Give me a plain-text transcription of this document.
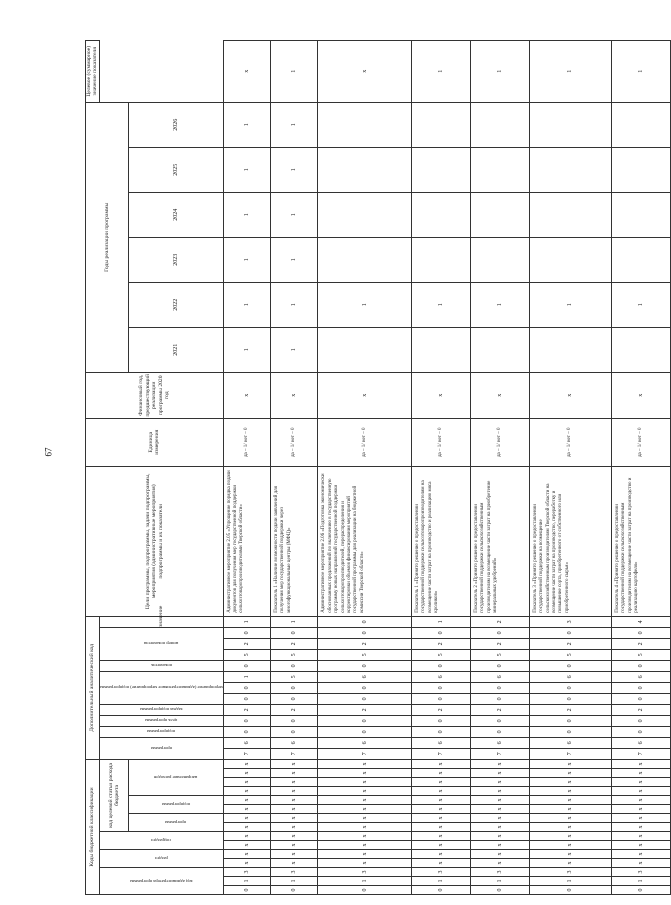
67
Коды бюджетной классификации															Дополнительный аналитический код													Цели программы, подпрограммы, задачи подпрограммы, мероприятия (административные мероприятия) подпрограммы и их показатели	Единица измерения	Финансовый год, предшествующий реализации программы 2020 год	Годы реализации программы						Целевое (суммарное) значение показателя

код администратора программы			раздел		подраздел		код целевой статьи расхода бюджета								программа		подпрограмма	цель программы	задача подпрограммы	мероприятие (административное мероприятие) подпрограммы			показатель	номер показателя			значение										

							программа		подпрограмма		направление расходов																				2021	2022	2023	2024	2025	2026	
0	1	3	х	х	х	х	х	х	х	х	х	х	х	х	7	6	0	0	2	0	0	1	0	5	2	0	1	Административное мероприятие 2.05 «Упрощение порядка подачи документов для получения мер государственной поддержки сельхозтоваропроизводителями Тверской области»	да – 1/ нет – 0	х	1	1	1	1	1	1	х
0	1	3	х	х	х	х	х	х	х	х	х	х	х	х	7	6	0	0	2	0	0	5	0	5	2	0	1	Показатель 1 «Наличие возможности подачи заявлений для получения мер государственной поддержки через многофункциональные центры (МФЦ)»	да – 1/ нет – 0	х	1	1	1	1	1	1	1
0	1	3	х	х	х	х	х	х	х	х	х	х	х	х	7	6	0	0	2	0	0	6	0	5	2	0	0	Административное мероприятие 2.06 «Подготовка экономически обоснованных предложений по включению в государственную программу новых направлений государственной поддержки сельхозтоваропроизводителей, перераспределения и корректировки объемов финансирования мероприятий государственной программы для реализации на бюджетной комиссии Тверской области»	да – 1/ нет – 0	х		1					х
0	1	3	х	х	х	х	х	х	х	х	х	х	х	х	7	6	0	0	2	0	0	6	0	5	2	0	1	Показатель 1 «Принято решение о предоставлении государственной поддержки сельхозтоваропроизводителям на возмещение части затрат на производство и реализацию мяса кроликов»	да – 1/ нет – 0	х		1					1
0	1	3	х	х	х	х	х	х	х	х	х	х	х	х	7	6	0	0	2	0	0	6	0	5	2	0	2	Показатель 2 «Принято решение о предоставлении государственной поддержки сельскохозяйственным производителям на возмещение части затрат на приобретение минеральных удобрений»	да – 1/ нет – 0	х		1					1
0	1	3	х	х	х	х	х	х	х	х	х	х	х	х	7	6	0	0	2	0	0	6	0	5	2	0	3	Показатель 3 «Принято решение о предоставлении государственной поддержки на возмещение сельскохозяйственным производителям Тверской области на возмещение части затрат на производство, переработку и повышение сорта, приобретенного от собственного или приобретенного сырья»	да – 1/ нет – 0	х		1					1
0	1	3	х	х	х	х	х	х	х	х	х	х	х	х	7	6	0	0	2	0	0	6	0	5	2	0	4	Показатель 4 «Принято решение о предоставлении государственной поддержки сельскохозяйственным производителям на возмещение части затрат на производство и реализацию картофеля»	да – 1/ нет – 0	х		1					1
